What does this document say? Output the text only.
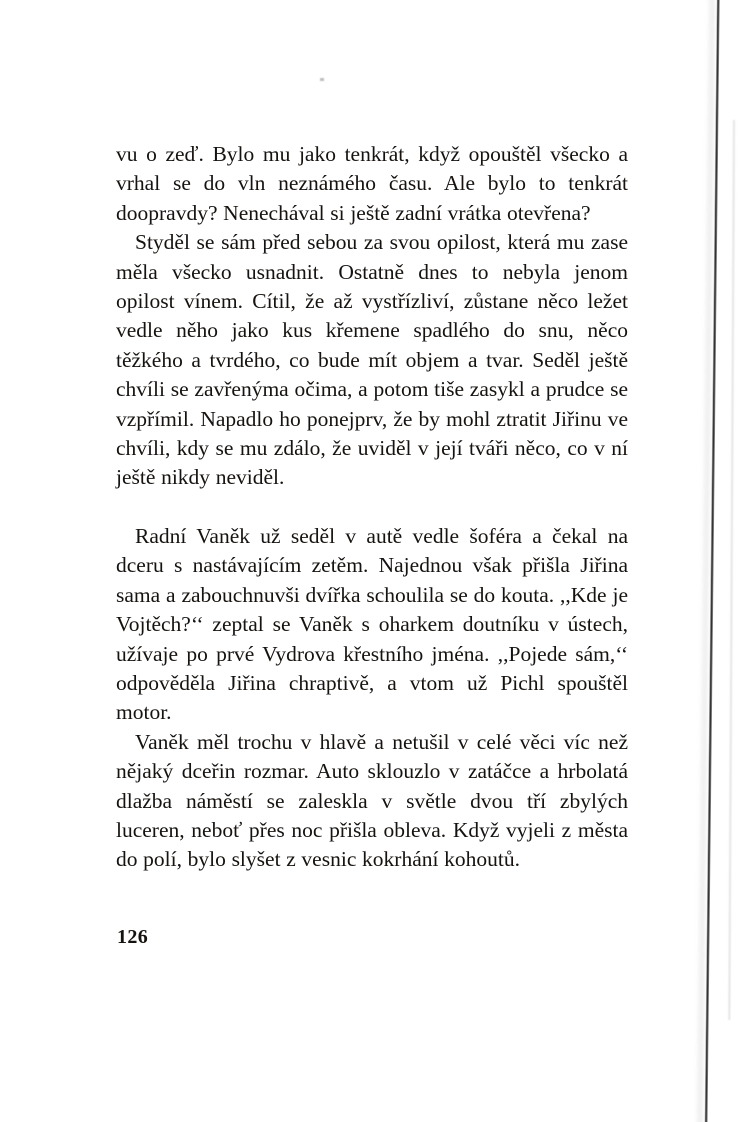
vu o zeď. Bylo mu jako tenkrát, když opouštěl všecko a vrhal se do vln neznámého času. Ale bylo to tenkrát doopravdy? Nenechával si ještě zadní vrátka otevřena?

Styděl se sám před sebou za svou opilost, která mu zase měla všecko usnadnit. Ostatně dnes to nebyla jenom opilost vínem. Cítil, že až vystřízliví, zůstane něco ležet vedle něho jako kus křemene spadlého do snu, něco těžkého a tvrdého, co bude mít objem a tvar. Seděl ještě chvíli se zavřenýma očima, a potom tiše zasykl a prudce se vzpřímil. Napadlo ho ponejprv, že by mohl ztratit Jiřinu ve chvíli, kdy se mu zdálo, že uviděl v její tváři něco, co v ní ještě nikdy neviděl.

Radní Vaněk už seděl v autě vedle šoféra a čekal na dceru s nastávajícím zetěm. Najednou však přišla Jiřina sama a zabouchnuvši dvířka schoulila se do kouta. ,,Kde je Vojtěch?‘‘ zeptal se Vaněk s oharkem doutníku v ústech, užívaje po prvé Vydrova křestního jména. ,,Pojede sám,‘‘ odpověděla Jiřina chraptivě, a vtom už Pichl spouštěl motor.

Vaněk měl trochu v hlavě a netušil v celé věci víc než nějaký dceřin rozmar. Auto sklouzlo v zatáčce a hrbolatá dlažba náměstí se zaleskla v světle dvou tří zbylých luceren, neboť přes noc přišla obleva. Když vyjeli z města do polí, bylo slyšet z vesnic kokrhání kohoutů.

126
